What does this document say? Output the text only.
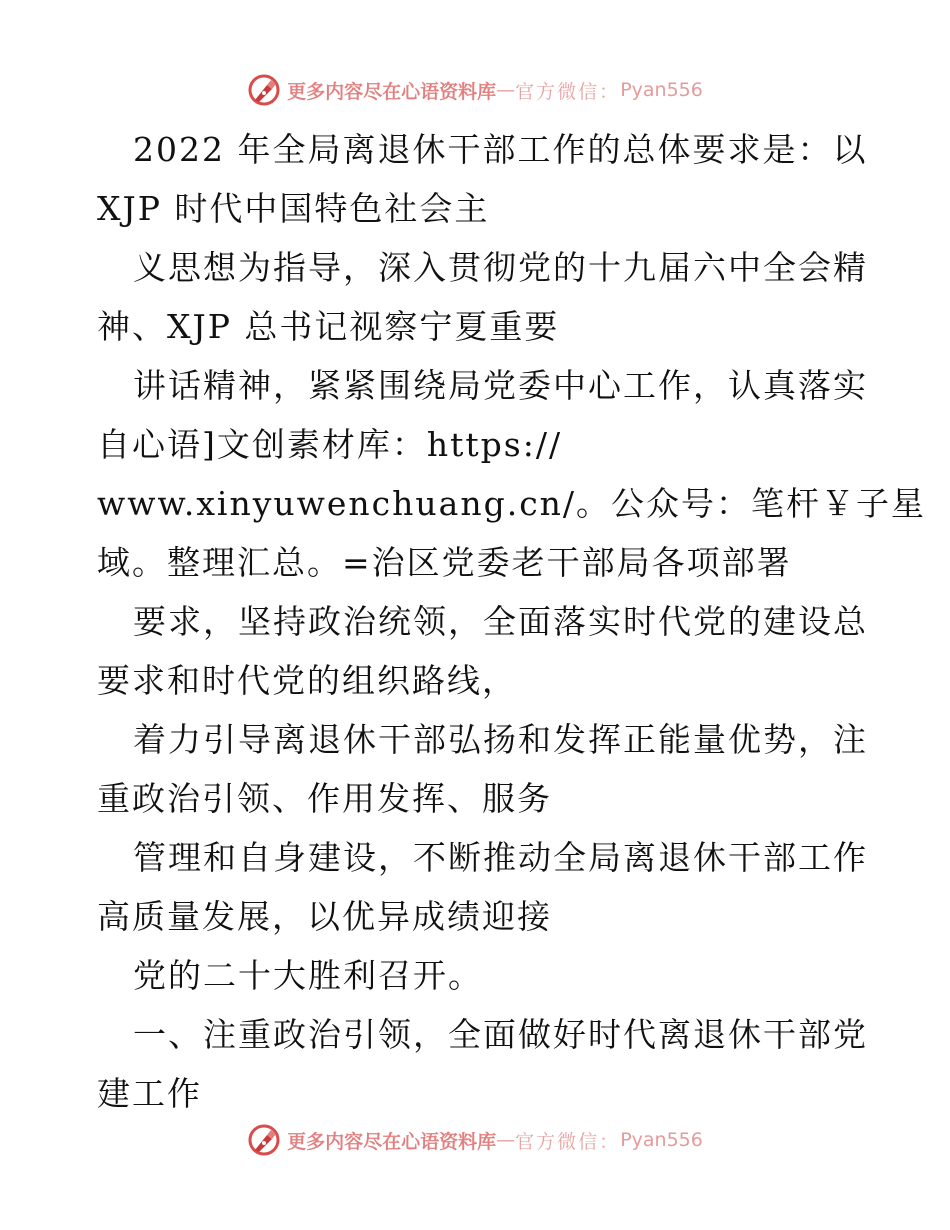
更多内容尽在心语资料库 — 官方微信： Pyan556
2022 年全局离退休干部工作的总体要求是：以
XJP 时代中国特色社会主
义思想为指导，深入贯彻党的十九届六中全会精
神、XJP 总书记视察宁夏重要
讲话精神，紧紧围绕局党委中心工作，认真落实
自心语]文创素材库：https://
www.xinyuwenchuang.cn/。公众号：笔杆￥子星
域。整理汇总。=治区党委老干部局各项部署
要求，坚持政治统领，全面落实时代党的建设总
要求和时代党的组织路线，
着力引导离退休干部弘扬和发挥正能量优势，注
重政治引领、作用发挥、服务
管理和自身建设，不断推动全局离退休干部工作
高质量发展，以优异成绩迎接
党的二十大胜利召开。
一、注重政治引领，全面做好时代离退休干部党
建工作
更多内容尽在心语资料库 — 官方微信： Pyan556
